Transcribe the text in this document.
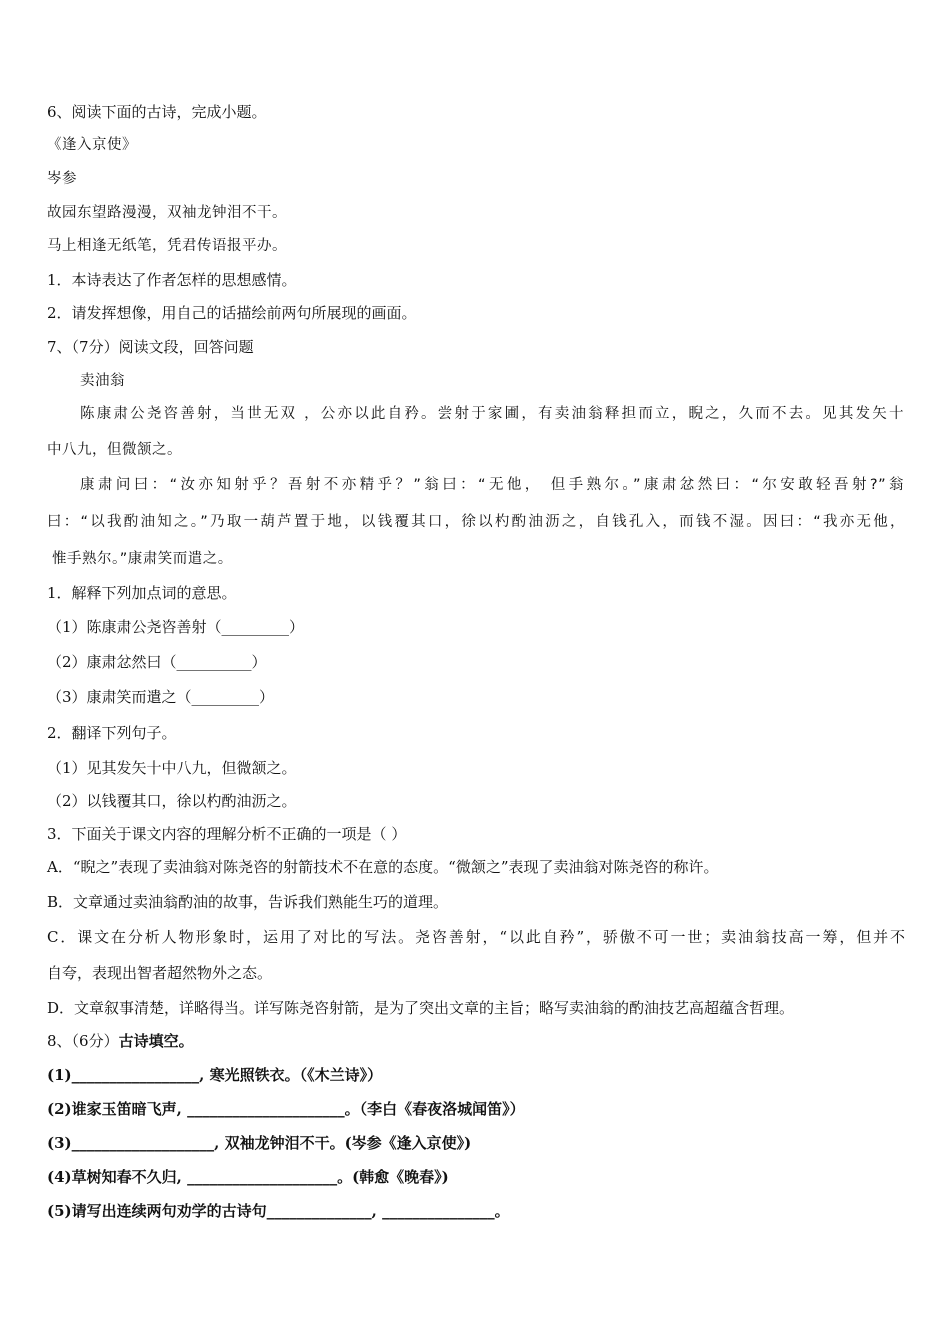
6、阅读下面的古诗，完成小题。
《逢入京使》
岑参
故园东望路漫漫，双袖龙钟泪不干。
马上相逢无纸笔，凭君传语报平办。
1．本诗表达了作者怎样的思想感情。
2．请发挥想像，用自己的话描绘前两句所展现的画面。
7、（7分）阅读文段，回答问题
卖油翁
陈康肃公尧咨善射，当世无双 ，公亦以此自矜。尝射于家圃，有卖油翁释担而立，睨之，久而不去。见其发矢十
中八九，但微颔之。
康肃问曰：“汝亦知射乎？吾射不亦精乎？”翁曰：“无他， 但手熟尔。”康肃忿然曰：“尔安敢轻吾射?”翁
曰：“以我酌油知之。”乃取一葫芦置于地，以钱覆其口，徐以杓酌油沥之，自钱孔入，而钱不湿。因曰：“我亦无他，
惟手熟尔。”康肃笑而遣之。
1．解释下列加点词的意思。
（1）陈康肃公尧咨善射（_________）
（2）康肃忿然曰（__________）
（3）康肃笑而遣之（_________）
2．翻译下列句子。
（1）见其发矢十中八九，但微颔之。
（2）以钱覆其口，徐以杓酌油沥之。
3．下面关于课文内容的理解分析不正确的一项是（ ）
A．“睨之”表现了卖油翁对陈尧咨的射箭技术不在意的态度。“微颔之”表现了卖油翁对陈尧咨的称许。
B．文章通过卖油翁酌油的故事，告诉我们熟能生巧的道理。
C．课文在分析人物形象时，运用了对比的写法。尧咨善射，“以此自矜”，骄傲不可一世；卖油翁技高一筹，但并不
自夸，表现出智者超然物外之态。
D．文章叙事清楚，详略得当。详写陈尧咨射箭，是为了突出文章的主旨；略写卖油翁的酌油技艺高超蕴含哲理。
8、（6分）古诗填空。
(1)_________________, 寒光照铁衣。（《木兰诗》）
(2)谁家玉笛暗飞声, _____________________。（李白《春夜洛城闻笛》）
(3)___________________, 双袖龙钟泪不干。(岑参《逢入京使》)
(4)草树知春不久归, ____________________。(韩愈《晚春》)
(5)请写出连续两句劝学的古诗句______________, _______________。
